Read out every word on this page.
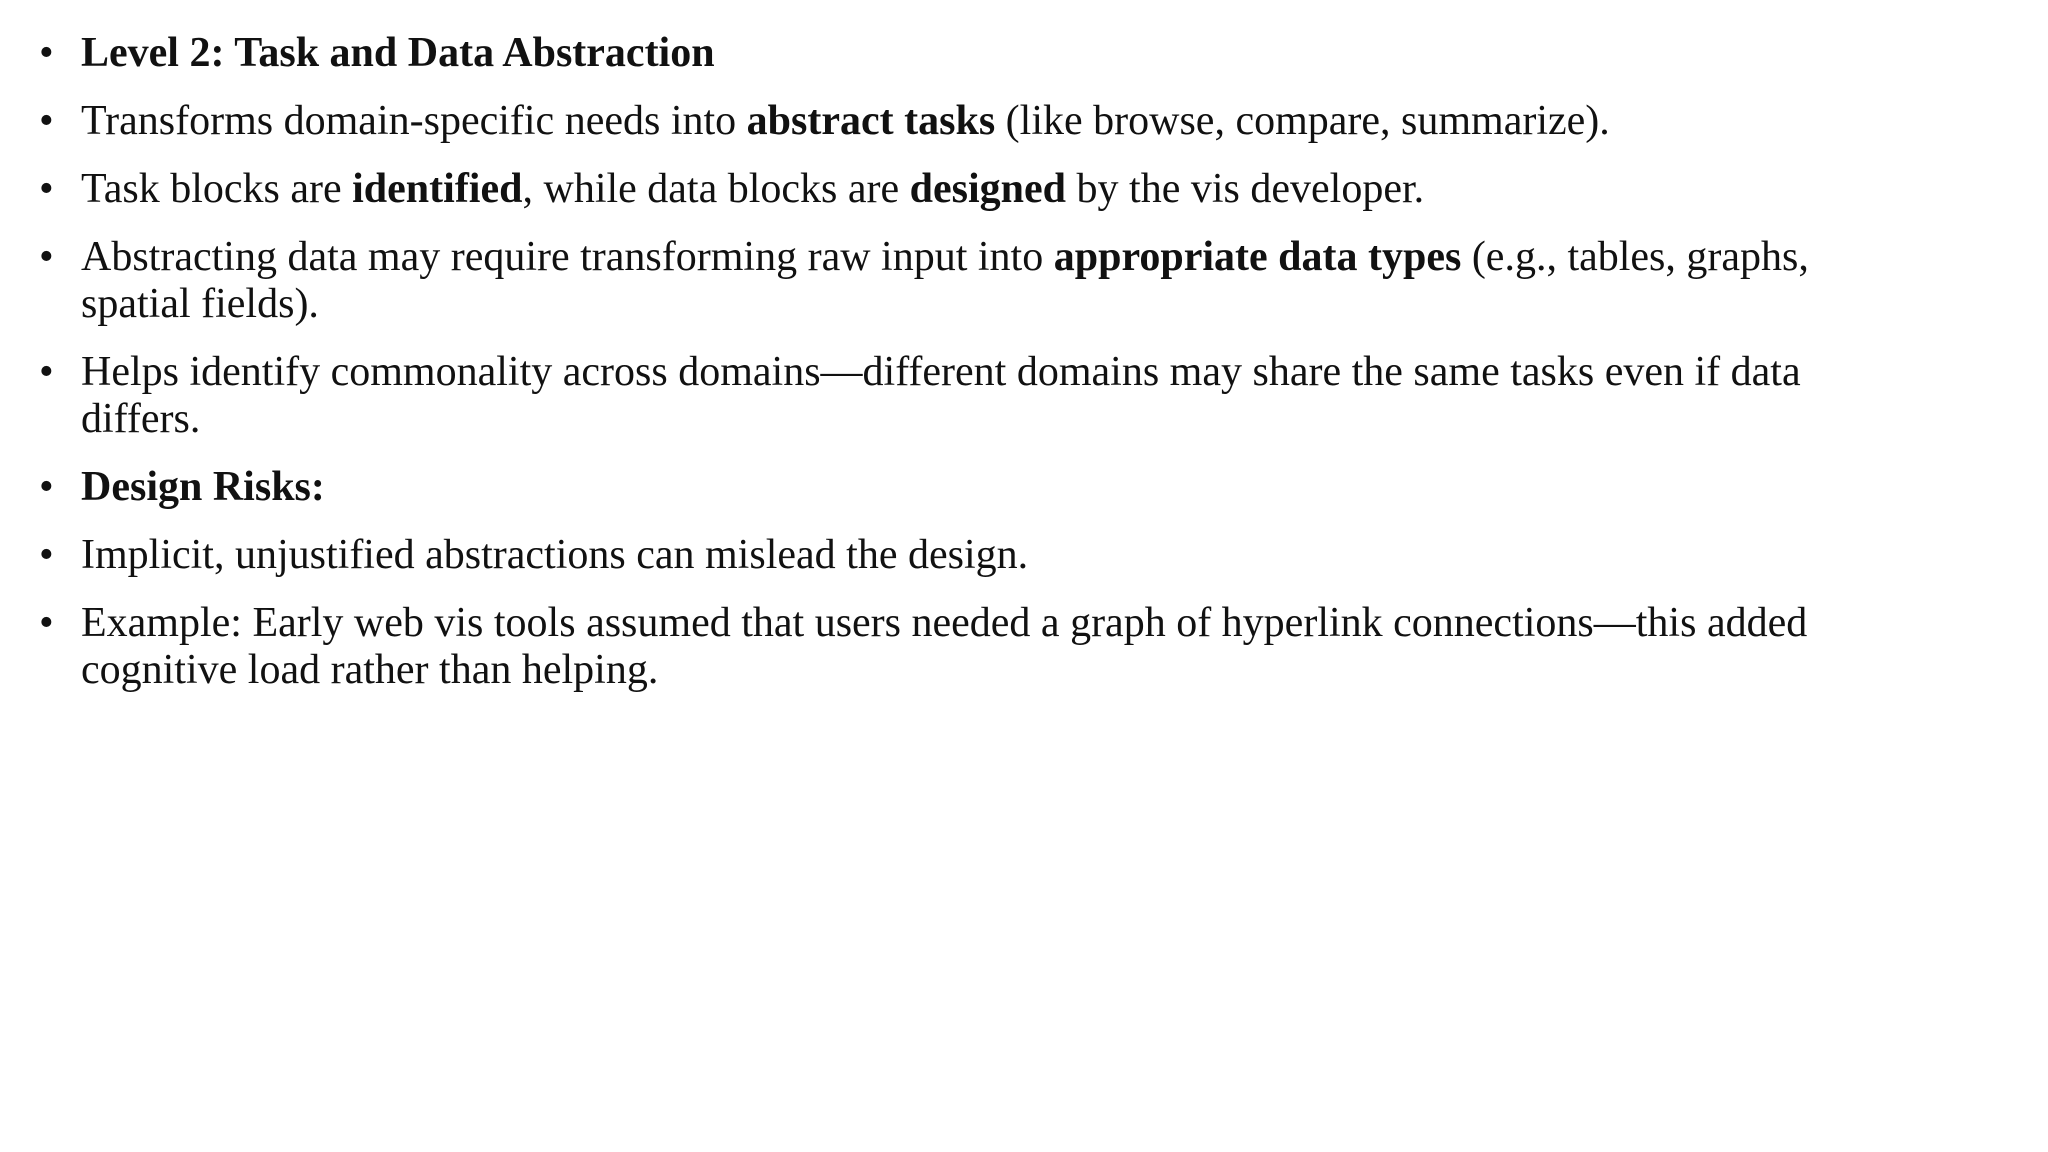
• Level 2: Task and Data Abstraction
• Transforms domain-specific needs into abstract tasks (like browse, compare, summarize).
• Task blocks are identified, while data blocks are designed by the vis developer.
• Abstracting data may require transforming raw input into appropriate data types (e.g., tables, graphs, spatial fields).
• Helps identify commonality across domains—different domains may share the same tasks even if data differs.
• Design Risks:
• Implicit, unjustified abstractions can mislead the design.
• Example: Early web vis tools assumed that users needed a graph of hyperlink connections—this added cognitive load rather than helping.
